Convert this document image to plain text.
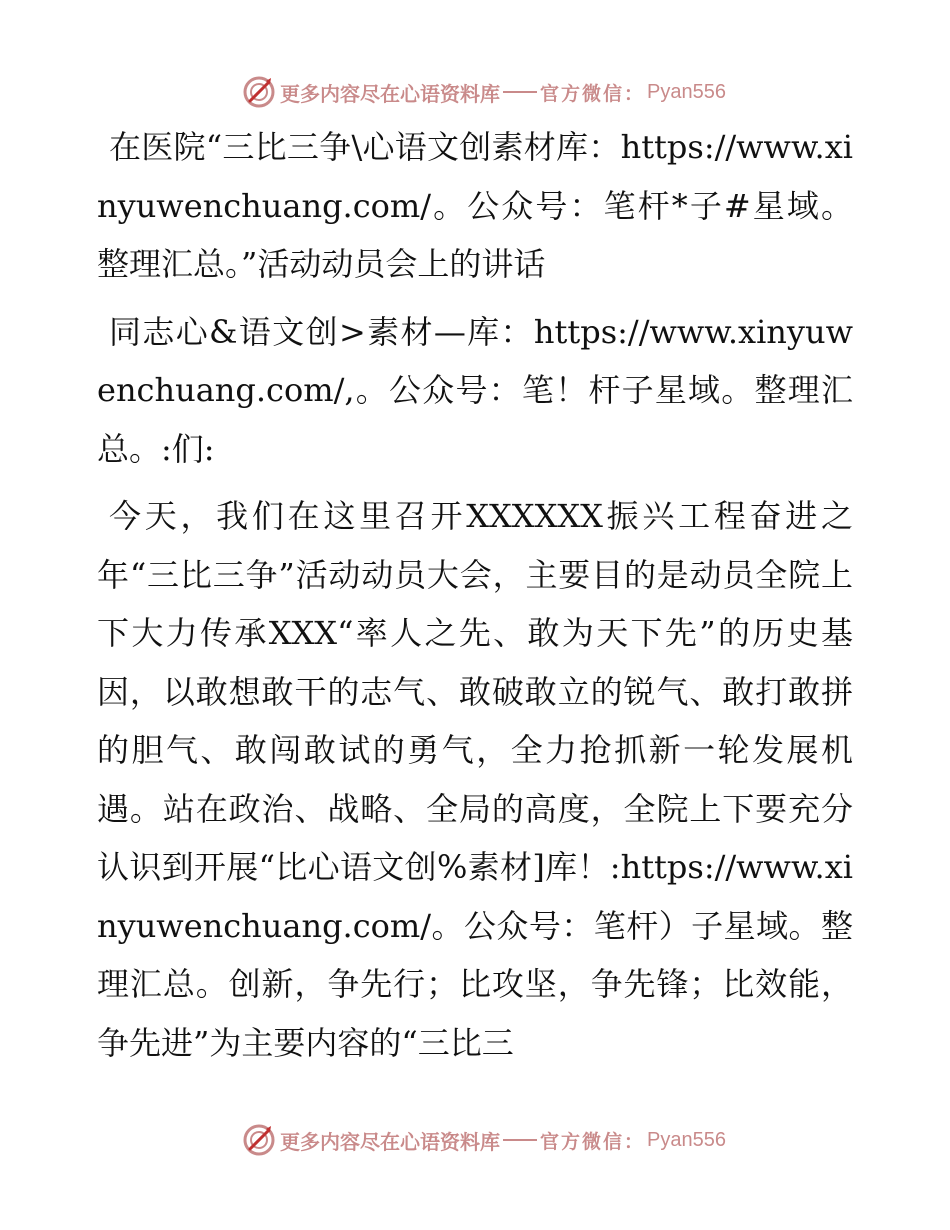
更多内容尽在心语资料库 官方微信： Pyan556

在医院“三比三争\心语文创素材库：https://www.xinyuwenchuang.com/。公众号：笔杆*子#星域。整理汇总。”活动动员会上的讲话

同志心&语文创>素材—库：https://www.xinyuwenchuang.com/,。公众号：笔！杆子星域。整理汇总。:们:

今天，我们在这里召开XXXXXX振兴工程奋进之年“三比三争”活动动员大会，主要目的是动员全院上下大力传承XXX“率人之先、敢为天下先”的历史基因，以敢想敢干的志气、敢破敢立的锐气、敢打敢拼的胆气、敢闯敢试的勇气，全力抢抓新一轮发展机遇。站在政治、战略、全局的高度，全院上下要充分认识到开展“比心语文创%素材]库！:https://www.xinyuwenchuang.com/。公众号：笔杆）子星域。整理汇总。创新，争先行；比攻坚，争先锋；比效能，争先进”为主要内容的“三比三

更多内容尽在心语资料库 官方微信： Pyan556
